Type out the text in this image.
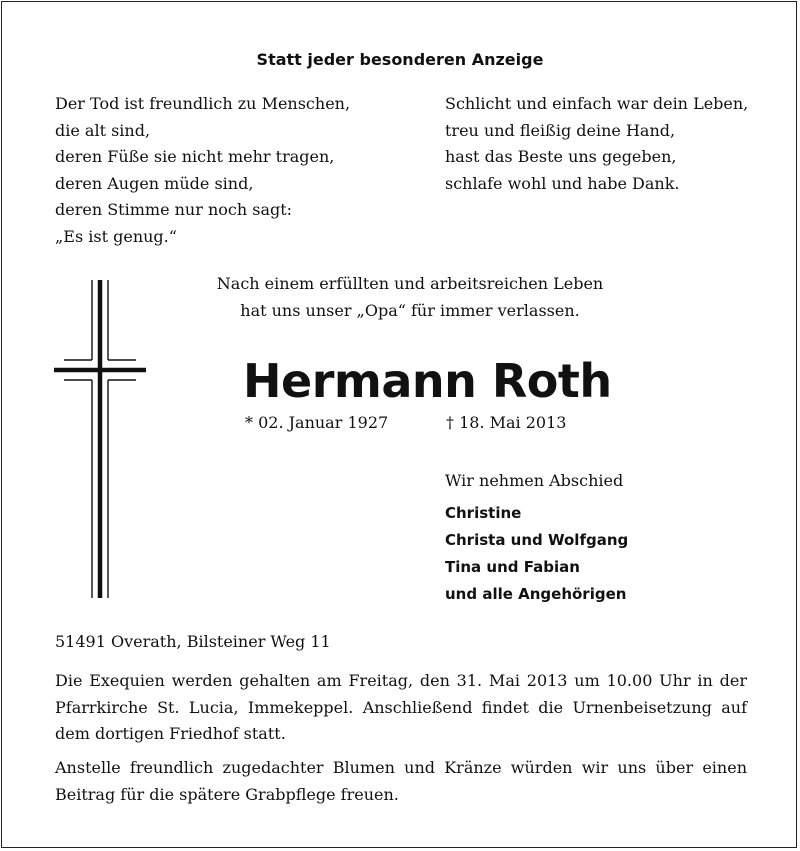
Statt jeder besonderen Anzeige
Der Tod ist freundlich zu Menschen,
die alt sind,
deren Füße sie nicht mehr tragen,
deren Augen müde sind,
deren Stimme nur noch sagt:
„Es ist genug.“
Schlicht und einfach war dein Leben,
treu und fleißig deine Hand,
hast das Beste uns gegeben,
schlafe wohl und habe Dank.
Nach einem erfüllten und arbeitsreichen Leben
hat uns unser „Opa“ für immer verlassen.
Hermann Roth
* 02. Januar 1927	† 18. Mai 2013
Wir nehmen Abschied
Christine
Christa und Wolfgang
Tina und Fabian
und alle Angehörigen
51491 Overath, Bilsteiner Weg 11
Die Exequien werden gehalten am Freitag, den 31. Mai 2013 um 10.00 Uhr in der Pfarrkirche St. Lucia, Immekeppel. Anschließend findet die Urnenbeisetzung auf dem dortigen Friedhof statt.
Anstelle freundlich zugedachter Blumen und Kränze würden wir uns über einen Beitrag für die spätere Grabpflege freuen.
